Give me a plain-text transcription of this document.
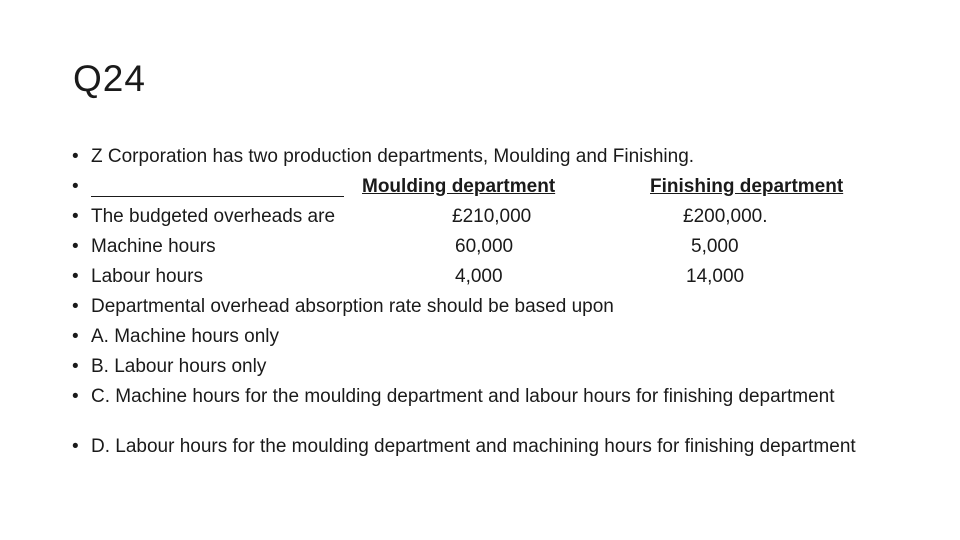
Q24
• Z Corporation has two production departments, Moulding and Finishing.
•	Moulding department	Finishing department
• The budgeted overheads are	£210,000	£200,000.
• Machine hours	60,000	5,000
• Labour hours	4,000	14,000
• Departmental overhead absorption rate should be based upon
• A. Machine hours only
• B. Labour hours only
• C. Machine hours for the moulding department and labour hours for finishing department
• D. Labour hours for the moulding department and machining hours for finishing department
